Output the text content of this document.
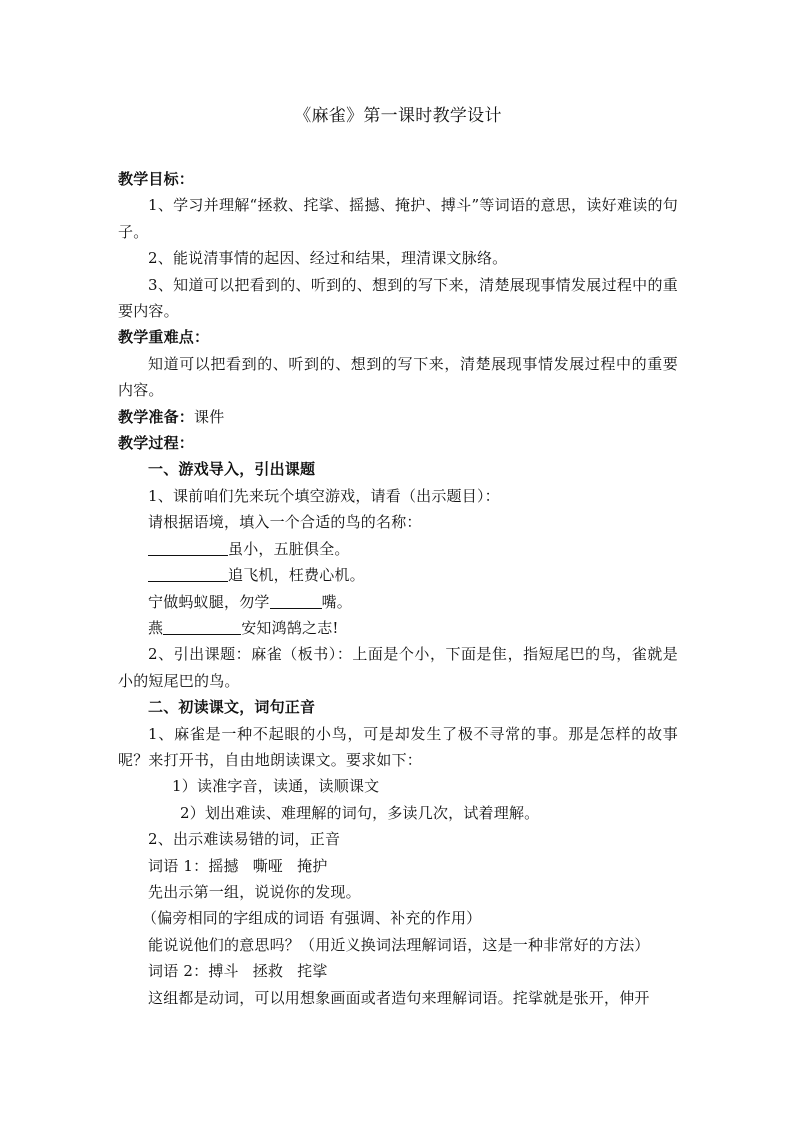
《麻雀》第一课时教学设计
教学目标：
1、学习并理解“拯救、挓挲、摇撼、掩护、搏斗”等词语的意思，读好难读的句子。
2、能说清事情的起因、经过和结果，理清课文脉络。
3、知道可以把看到的、听到的、想到的写下来，清楚展现事情发展过程中的重要内容。
教学重难点：
知道可以把看到的、听到的、想到的写下来，清楚展现事情发展过程中的重要内容。
教学准备：课件
教学过程：
一、游戏导入，引出课题
1、课前咱们先来玩个填空游戏，请看（出示题目）：
请根据语境，填入一个合适的鸟的名称：
虽小，五脏俱全。
追飞机，枉费心机。
宁做蚂蚁腿，勿学	嘴。
燕	安知鸿鹄之志!
2、引出课题：麻雀（板书）：上面是个小，下面是隹，指短尾巴的鸟，雀就是小的短尾巴的鸟。
二、初读课文，词句正音
1、麻雀是一种不起眼的小鸟，可是却发生了极不寻常的事。那是怎样的故事呢？来打开书，自由地朗读课文。要求如下：
1）读准字音，读通，读顺课文
2）划出难读、难理解的词句，多读几次，试着理解。
2、出示难读易错的词，正音
词语 1：摇撼 嘶哑 掩护
先出示第一组，说说你的发现。
（偏旁相同的字组成的词语 有强调、补充的作用）
能说说他们的意思吗？（用近义换词法理解词语，这是一种非常好的方法）
词语 2：搏斗 拯救 挓挲
这组都是动词，可以用想象画面或者造句来理解词语。挓挲就是张开，伸开
